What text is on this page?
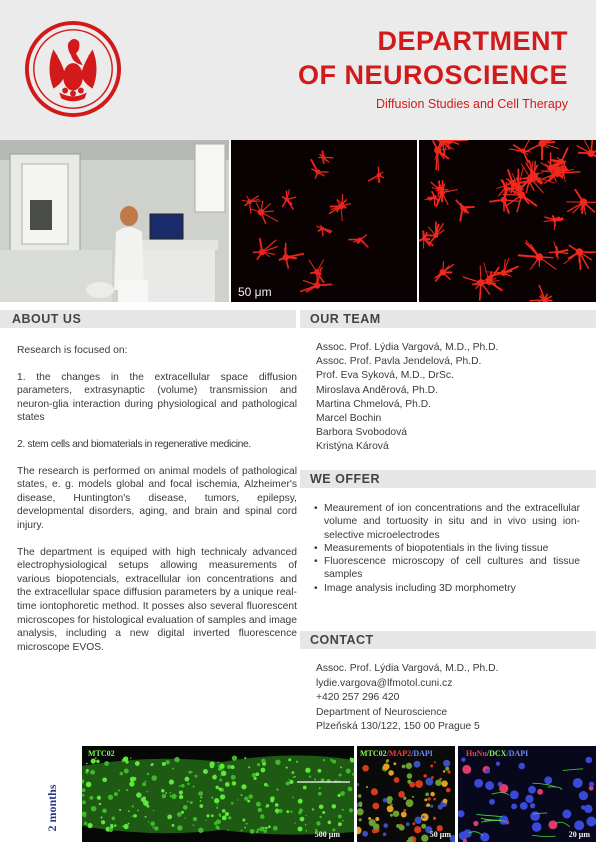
DEPARTMENT
OF NEUROSCIENCE
Diffusion Studies and Cell Therapy
50 μm
ABOUT US

Research is focused on:

1. the changes in the extracellular space diffusion parameters, extrasynaptic (volume) transmission and neuron-glia interaction during physiological and pathological states

2. stem cells and biomaterials in regenerative medicine.

The research is performed on animal models of pathological states, e. g. models global and focal ischemia, Alzheimer's disease, Huntington's disease, tumors, epilepsy, developmental disorders, aging, and brain and spinal cord injury.

The department is equiped with high technicaly advanced electrophysiological setups allowing measurements of various biopotencials, extracellular ion concentrations and the extracellular space diffusion parameters by a unique real-time iontophoretic method. It posses also several fluorescent microscopes for histological evaluation of samples and image analysis, including a new digital inverted fluorescence microscope EVOS.

OUR TEAM
Assoc. Prof. Lýdia Vargová, M.D., Ph.D.
Assoc. Prof. Pavla Jendelová, Ph.D.
Prof. Eva Syková, M.D., DrSc.
Miroslava Anděrová, Ph.D.
Martina Chmelová, Ph.D.
Marcel Bochin
Barbora Svobodová
Kristýna Kárová
WE OFFER
• Meaurement of ion concentrations and the extracellular volume and tortuosity in situ and in vivo using ion-selective microelectrodes
• Measurements of biopotentials in the living tissue
• Fluorescence microscopy of cell cultures and tissue samples
• Image analysis including 3D morphometry
CONTACT
Assoc. Prof. Lýdia Vargová, M.D., Ph.D.
lydie.vargova@lfmotol.cuni.cz
+420 257 296 420
Department of Neuroscience
Plzeňská 130/122, 150 00 Prague 5
2 months
MTC02
500 μm
MTC02/MAP2/DAPI
50 μm
HuNu/DCX/DAPI
20 μm
